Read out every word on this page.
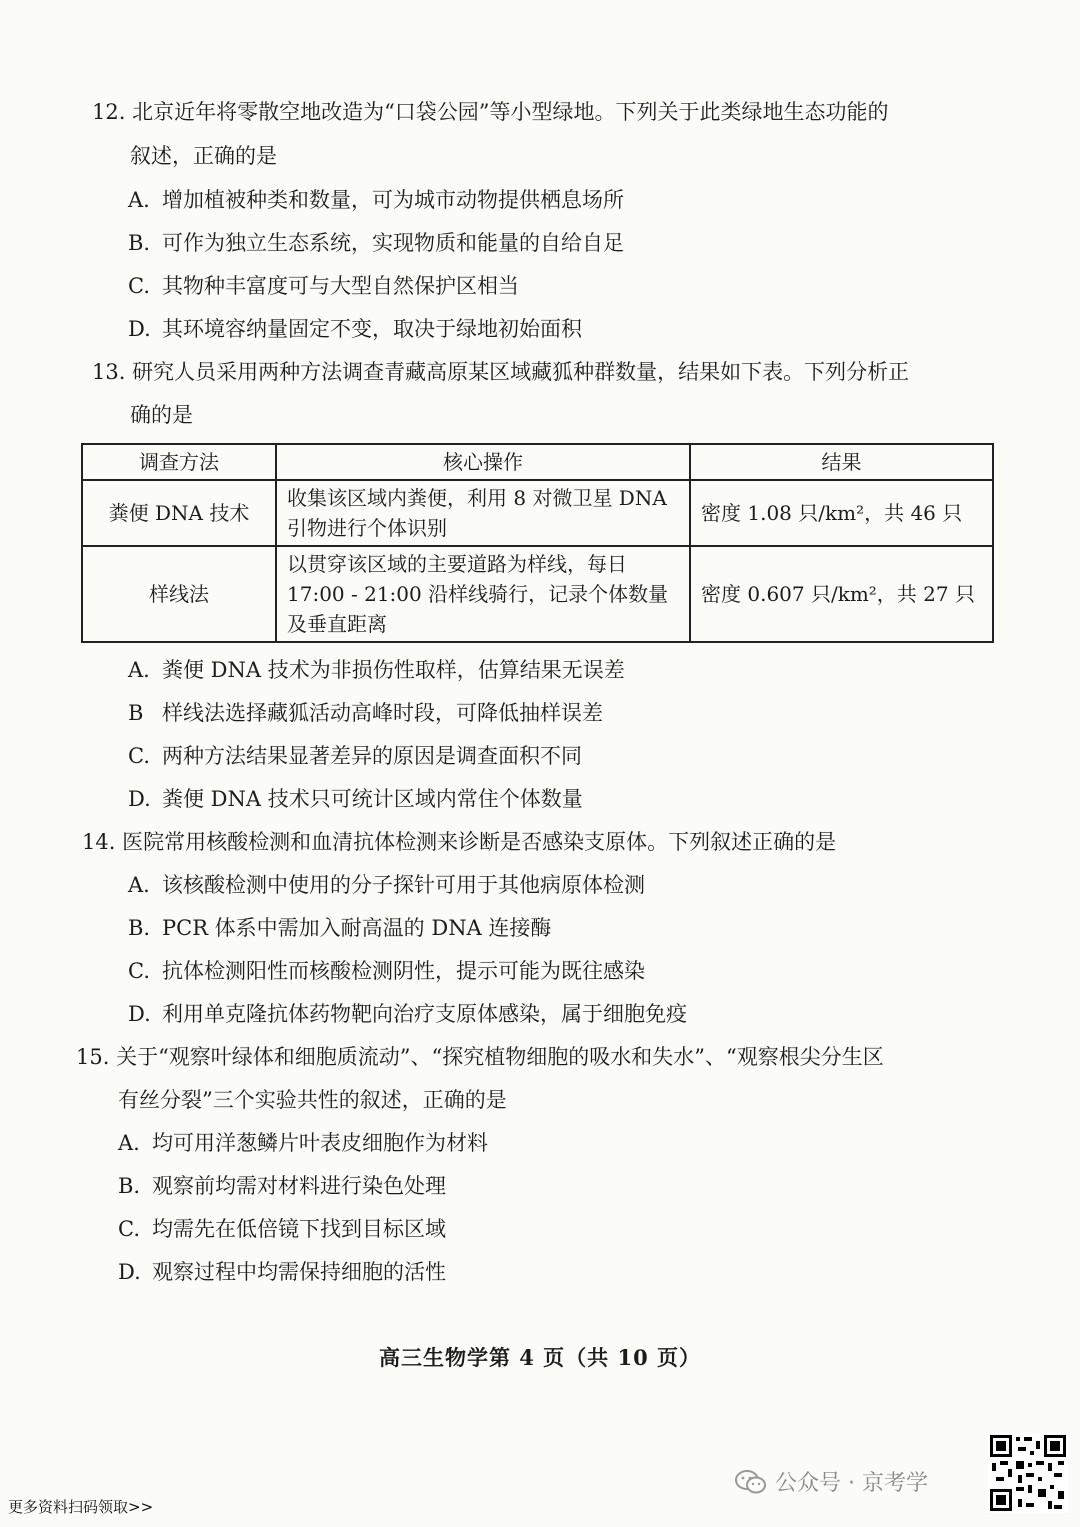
12. 北京近年将零散空地改造为“口袋公园”等小型绿地。下列关于此类绿地生态功能的
叙述，正确的是
A. 增加植被种类和数量，可为城市动物提供栖息场所
B. 可作为独立生态系统，实现物质和能量的自给自足
C. 其物种丰富度可与大型自然保护区相当
D. 其环境容纳量固定不变，取决于绿地初始面积
13. 研究人员采用两种方法调查青藏高原某区域藏狐种群数量，结果如下表。下列分析正
确的是
调查方法	核心操作	结果
粪便 DNA 技术	收集该区域内粪便，利用 8 对微卫星 DNA 引物进行个体识别	密度 1.08 只/km²，共 46 只
样线法	以贯穿该区域的主要道路为样线，每日 17:00 - 21:00 沿样线骑行，记录个体数量及垂直距离	密度 0.607 只/km²，共 27 只
A. 粪便 DNA 技术为非损伤性取样，估算结果无误差
B 样线法选择藏狐活动高峰时段，可降低抽样误差
C. 两种方法结果显著差异的原因是调查面积不同
D. 粪便 DNA 技术只可统计区域内常住个体数量
14. 医院常用核酸检测和血清抗体检测来诊断是否感染支原体。下列叙述正确的是
A. 该核酸检测中使用的分子探针可用于其他病原体检测
B. PCR 体系中需加入耐高温的 DNA 连接酶
C. 抗体检测阳性而核酸检测阴性，提示可能为既往感染
D. 利用单克隆抗体药物靶向治疗支原体感染，属于细胞免疫
15. 关于“观察叶绿体和细胞质流动”、“探究植物细胞的吸水和失水”、“观察根尖分生区
有丝分裂”三个实验共性的叙述，正确的是
A. 均可用洋葱鳞片叶表皮细胞作为材料
B. 观察前均需对材料进行染色处理
C. 均需先在低倍镜下找到目标区域
D. 观察过程中均需保持细胞的活性
高三生物学第 4 页（共 10 页）
公众号 · 京考学
更多资料扫码领取>>
